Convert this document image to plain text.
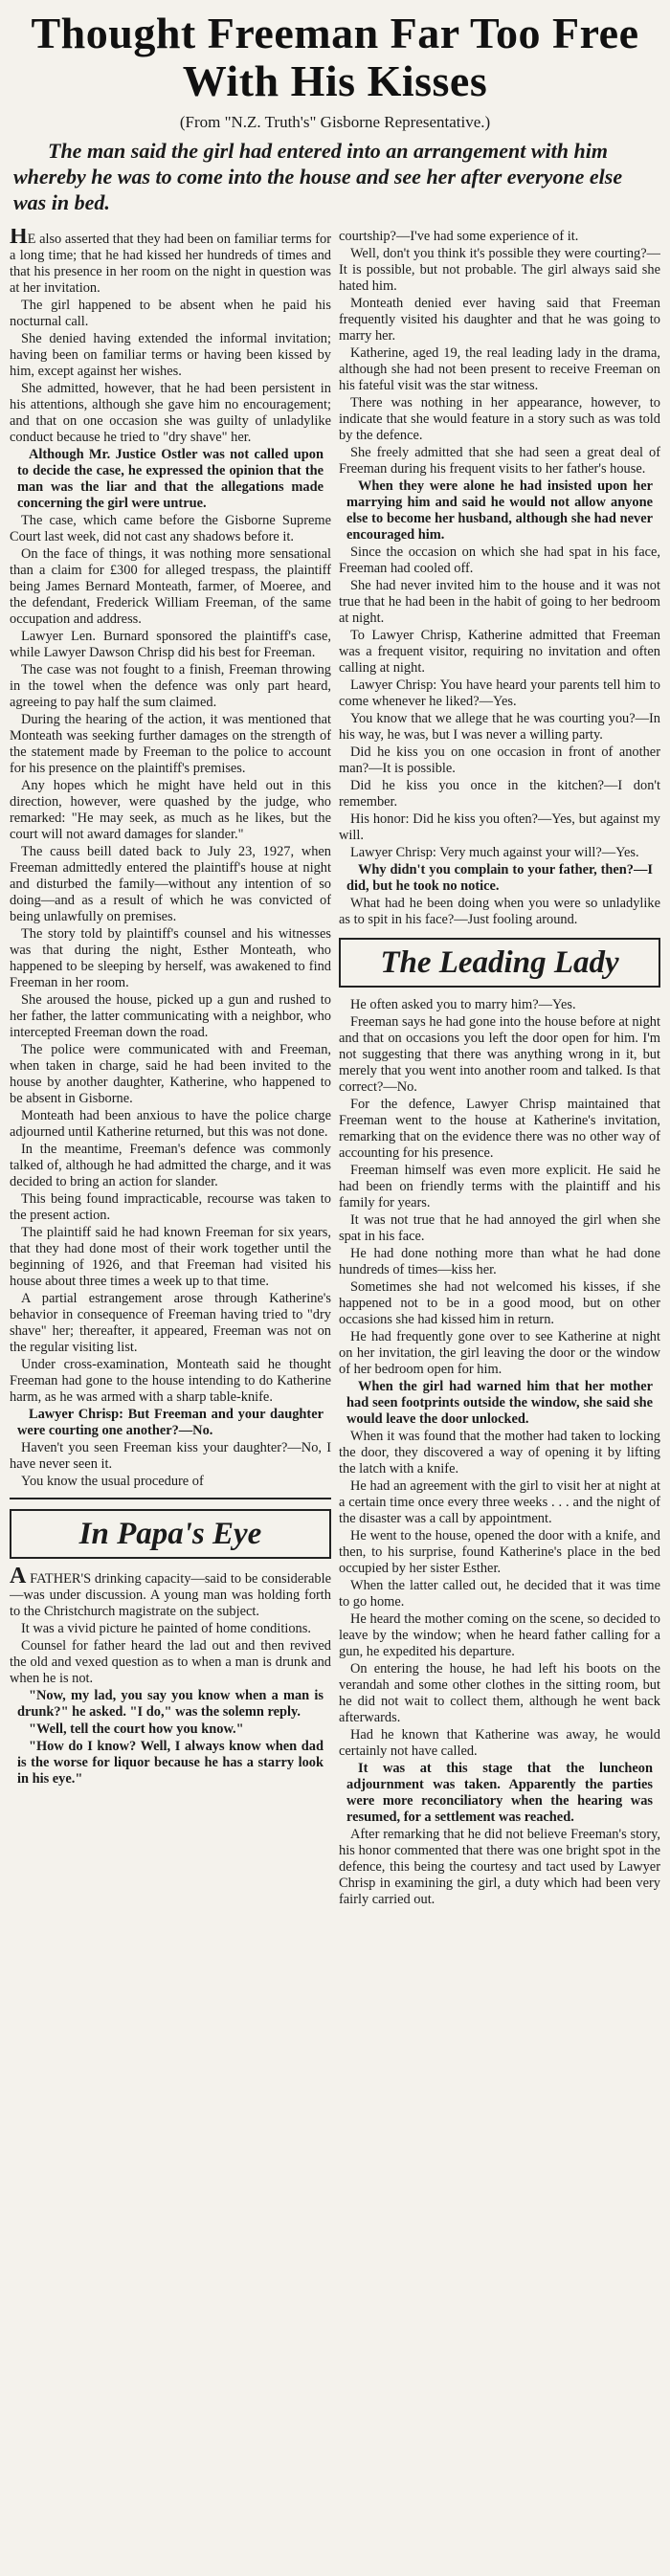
Thought Freeman Far Too Free
With His Kisses
(From "N.Z. Truth's" Gisborne Representative.)
The man said the girl had entered into an arrangement with him whereby he was to come into the house and see her after everyone else was in bed.

HE also asserted that they had been on familiar terms for a long time; that he had kissed her hundreds of times and that his presence in her room on the night in question was at her invitation.

The girl happened to be absent when he paid his nocturnal call.

She denied having extended the informal invitation; having been on familiar terms or having been kissed by him, except against her wishes.

She admitted, however, that he had been persistent in his attentions, although she gave him no encouragement; and that on one occasion she was guilty of unladylike conduct because he tried to "dry shave" her.

Although Mr. Justice Ostler was not called upon to decide the case, he expressed the opinion that the man was the liar and that the allegations made concerning the girl were untrue.

The case, which came before the Gisborne Supreme Court last week, did not cast any shadows before it.

On the face of things, it was nothing more sensational than a claim for £300 for alleged trespass, the plaintiff being James Bernard Monteath, farmer, of Moeree, and the defendant, Frederick William Freeman, of the same occupation and address.

Lawyer Len. Burnard sponsored the plaintiff's case, while Lawyer Dawson Chrisp did his best for Freeman.

The case was not fought to a finish, Freeman throwing in the towel when the defence was only part heard, agreeing to pay half the sum claimed.

During the hearing of the action, it was mentioned that Monteath was seeking further damages on the strength of the statement made by Freeman to the police to account for his presence on the plaintiff's premises.

Any hopes which he might have held out in this direction, however, were quashed by the judge, who remarked: "He may seek, as much as he likes, but the court will not award damages for slander."

The causs beill dated back to July 23, 1927, when Freeman admittedly entered the plaintiff's house at night and disturbed the family—without any intention of so doing—and as a result of which he was convicted of being unlawfully on premises.

The story told by plaintiff's counsel and his witnesses was that during the night, Esther Monteath, who happened to be sleeping by herself, was awakened to find Freeman in her room.

She aroused the house, picked up a gun and rushed to her father, the latter communicating with a neighbor, who intercepted Freeman down the road.

The police were communicated with and Freeman, when taken in charge, said he had been invited to the house by another daughter, Katherine, who happened to be absent in Gisborne.

Monteath had been anxious to have the police charge adjourned until Katherine returned, but this was not done.

In the meantime, Freeman's defence was commonly talked of, although he had admitted the charge, and it was decided to bring an action for slander.

This being found impracticable, recourse was taken to the present action.

The plaintiff said he had known Freeman for six years, that they had done most of their work together until the beginning of 1926, and that Freeman had visited his house about three times a week up to that time.

A partial estrangement arose through Katherine's behavior in consequence of Freeman having tried to "dry shave" her; thereafter, it appeared, Freeman was not on the regular visiting list.

Under cross-examination, Monteath said he thought Freeman had gone to the house intending to do Katherine harm, as he was armed with a sharp table-knife.

Lawyer Chrisp: But Freeman and your daughter were courting one another?—No.

Haven't you seen Freeman kiss your daughter?—No, I have never seen it.

You know the usual procedure of

In Papa's Eye

A FATHER'S drinking capacity—said to be considerable—was under discussion. A young man was holding forth to the Christchurch magistrate on the subject.

It was a vivid picture he painted of home conditions.

Counsel for father heard the lad out and then revived the old and vexed question as to when a man is drunk and when he is not.

"Now, my lad, you say you know when a man is drunk?" he asked. "I do," was the solemn reply.

"Well, tell the court how you know."

"How do I know? Well, I always know when dad is the worse for liquor because he has a starry look in his eye."

courtship?—I've had some experience of it.

Well, don't you think it's possible they were courting?—It is possible, but not probable. The girl always said she hated him.

Monteath denied ever having said that Freeman frequently visited his daughter and that he was going to marry her.

Katherine, aged 19, the real leading lady in the drama, although she had not been present to receive Freeman on his fateful visit was the star witness.

There was nothing in her appearance, however, to indicate that she would feature in a story such as was told by the defence.

She freely admitted that she had seen a great deal of Freeman during his frequent visits to her father's house.

When they were alone he had insisted upon her marrying him and said he would not allow anyone else to become her husband, although she had never encouraged him.

Since the occasion on which she had spat in his face, Freeman had cooled off.

She had never invited him to the house and it was not true that he had been in the habit of going to her bedroom at night.

To Lawyer Chrisp, Katherine admitted that Freeman was a frequent visitor, requiring no invitation and often calling at night.

Lawyer Chrisp: You have heard your parents tell him to come whenever he liked?—Yes.

You know that we allege that he was courting you?—In his way, he was, but I was never a willing party.

Did he kiss you on one occasion in front of another man?—It is possible.

Did he kiss you once in the kitchen?—I don't remember.

His honor: Did he kiss you often?—Yes, but against my will.

Lawyer Chrisp: Very much against your will?—Yes.

Why didn't you complain to your father, then?—I did, but he took no notice.

What had he been doing when you were so unladylike as to spit in his face?—Just fooling around.

The Leading Lady

He often asked you to marry him?—Yes.

Freeman says he had gone into the house before at night and that on occasions you left the door open for him. I'm not suggesting that there was anything wrong in it, but merely that you went into another room and talked. Is that correct?—No.

For the defence, Lawyer Chrisp maintained that Freeman went to the house at Katherine's invitation, remarking that on the evidence there was no other way of accounting for his presence.

Freeman himself was even more explicit. He said he had been on friendly terms with the plaintiff and his family for years.

It was not true that he had annoyed the girl when she spat in his face.

He had done nothing more than what he had done hundreds of times—kiss her.

Sometimes she had not welcomed his kisses, if she happened not to be in a good mood, but on other occasions she had kissed him in return.

He had frequently gone over to see Katherine at night on her invitation, the girl leaving the door or the window of her bedroom open for him.

When the girl had warned him that her mother had seen footprints outside the window, she said she would leave the door unlocked.

When it was found that the mother had taken to locking the door, they discovered a way of opening it by lifting the latch with a knife.

He had an agreement with the girl to visit her at night at a certain time once every three weeks . . . and the night of the disaster was a call by appointment.

He went to the house, opened the door with a knife, and then, to his surprise, found Katherine's place in the bed occupied by her sister Esther.

When the latter called out, he decided that it was time to go home.

He heard the mother coming on the scene, so decided to leave by the window; when he heard father calling for a gun, he expedited his departure.

On entering the house, he had left his boots on the verandah and some other clothes in the sitting room, but he did not wait to collect them, although he went back afterwards.

Had he known that Katherine was away, he would certainly not have called.

It was at this stage that the luncheon adjournment was taken. Apparently the parties were more reconciliatory when the hearing was resumed, for a settlement was reached.

After remarking that he did not believe Freeman's story, his honor commented that there was one bright spot in the defence, this being the courtesy and tact used by Lawyer Chrisp in examining the girl, a duty which had been very fairly carried out.
